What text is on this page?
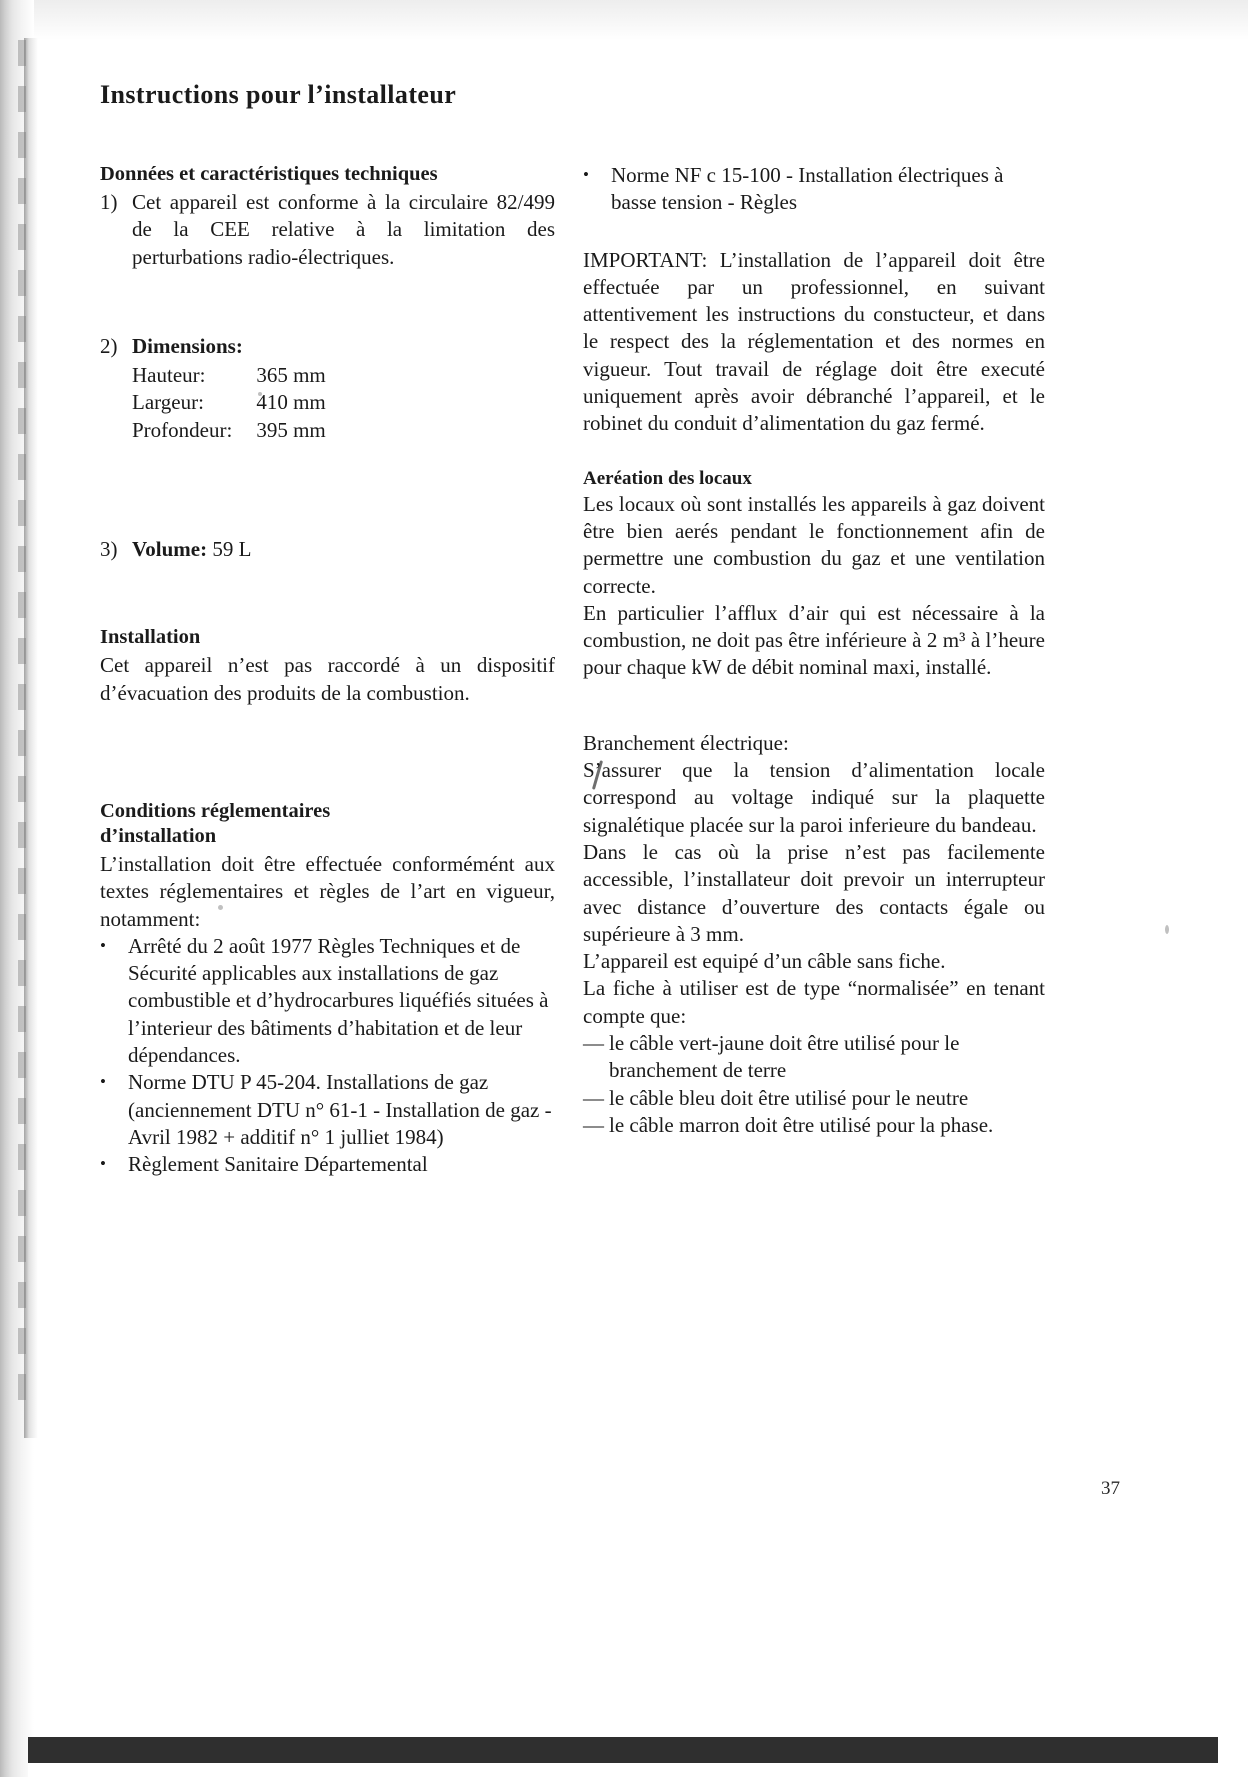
Instructions pour l’installateur
Données et caractéristiques techniques
1) Cet appareil est conforme à la circulaire 82/499 de la CEE relative à la limitation des perturbations radio-électriques.
2) Dimensions:
Hauteur:	365 mm
Largeur:	410 mm
Profondeur:	395 mm
3) Volume: 59 L
Installation

Cet appareil n’est pas raccordé à un dispositif d’évacuation des produits de la combustion.

Conditions réglementaires
d’installation

L’installation doit être effectuée conformémént aux textes réglementaires et règles de l’art en vigueur, notamment:

•	Arrêté du 2 août 1977 Règles Techniques et de Sécurité applicables aux installations de gaz combustible et d’hydrocarbures liquéfiés situées à l’interieur des bâtiments d’habitation et de leur dépendances.
•	Norme DTU P 45-204. Installations de gaz (anciennement DTU n° 61-1 - Installation de gaz - Avril 1982 + additif n° 1 julliet 1984)
•	Règlement Sanitaire Départemental
•	Norme NF c 15-100 - Installation électriques à basse tension - Règles

IMPORTANT: L’installation de l’appareil doit être effectuée par un professionnel, en suivant attentivement les instructions du constucteur, et dans le respect des la réglementation et des normes en vigueur. Tout travail de réglage doit être executé uniquement après avoir débranché l’appareil, et le robinet du conduit d’alimentation du gaz fermé.

Aeréation des locaux

Les locaux où sont installés les appareils à gaz doivent être bien aerés pendant le fonctionnement afin de permettre une combustion du gaz et une ventilation correcte.

En particulier l’afflux d’air qui est nécessaire à la combustion, ne doit pas être inférieure à 2 m³ à l’heure pour chaque kW de débit nominal maxi, installé.

Branchement électrique:

S’assurer que la tension d’alimentation locale correspond au voltage indiqué sur la plaquette signalétique placée sur la paroi inferieure du bandeau.

Dans le cas où la prise n’est pas facilemente accessible, l’installateur doit prevoir un interrupteur avec distance d’ouverture des contacts égale ou supérieure à 3 mm.

L’appareil est equipé d’un câble sans fiche.

La fiche à utiliser est de type “normalisée” en tenant compte que:

— le câble vert-jaune doit être utilisé pour le branchement de terre
— le câble bleu doit être utilisé pour le neutre
— le câble marron doit être utilisé pour la phase.
37
